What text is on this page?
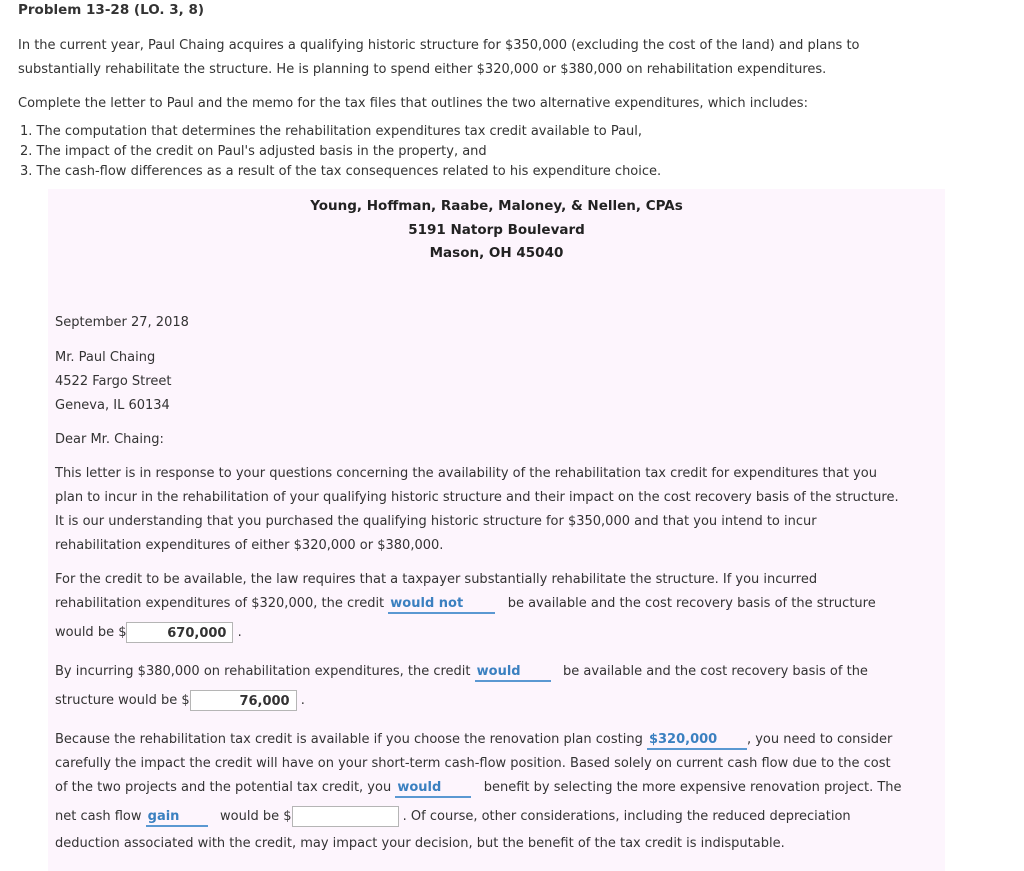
Problem 13-28 (LO. 3, 8)

In the current year, Paul Chaing acquires a qualifying historic structure for $350,000 (excluding the cost of the land) and plans to

substantially rehabilitate the structure. He is planning to spend either $320,000 or $380,000 on rehabilitation expenditures.

Complete the letter to Paul and the memo for the tax files that outlines the two alternative expenditures, which includes:
1. The computation that determines the rehabilitation expenditures tax credit available to Paul,
2. The impact of the credit on Paul's adjusted basis in the property, and
3. The cash-flow differences as a result of the tax consequences related to his expenditure choice.
Young, Hoffman, Raabe, Maloney, & Nellen, CPAs
5191 Natorp Boulevard
Mason, OH 45040
September 27, 2018

Mr. Paul Chaing

4522 Fargo Street

Geneva, IL 60134

Dear Mr. Chaing:

This letter is in response to your questions concerning the availability of the rehabilitation tax credit for expenditures that you

plan to incur in the rehabilitation of your qualifying historic structure and their impact on the cost recovery basis of the structure.

It is our understanding that you purchased the qualifying historic structure for $350,000 and that you intend to incur

rehabilitation expenditures of either $320,000 or $380,000.

For the credit to be available, the law requires that a taxpayer substantially rehabilitate the structure. If you incurred

rehabilitation expenditures of $320,000, the credit would not	be available and the cost recovery basis of the structure

would be $	670,000 .

By incurring $380,000 on rehabilitation expenditures, the credit would	be available and the cost recovery basis of the

structure would be $	76,000 .

Because the rehabilitation tax credit is available if you choose the renovation plan costing $320,000 , you need to consider

carefully the impact the credit will have on your short-term cash-flow position. Based solely on current cash flow due to the cost

of the two projects and the potential tax credit, you would	benefit by selecting the more expensive renovation project. The

net cash flow gain	would be $	. Of course, other considerations, including the reduced depreciation

deduction associated with the credit, may impact your decision, but the benefit of the tax credit is indisputable.
